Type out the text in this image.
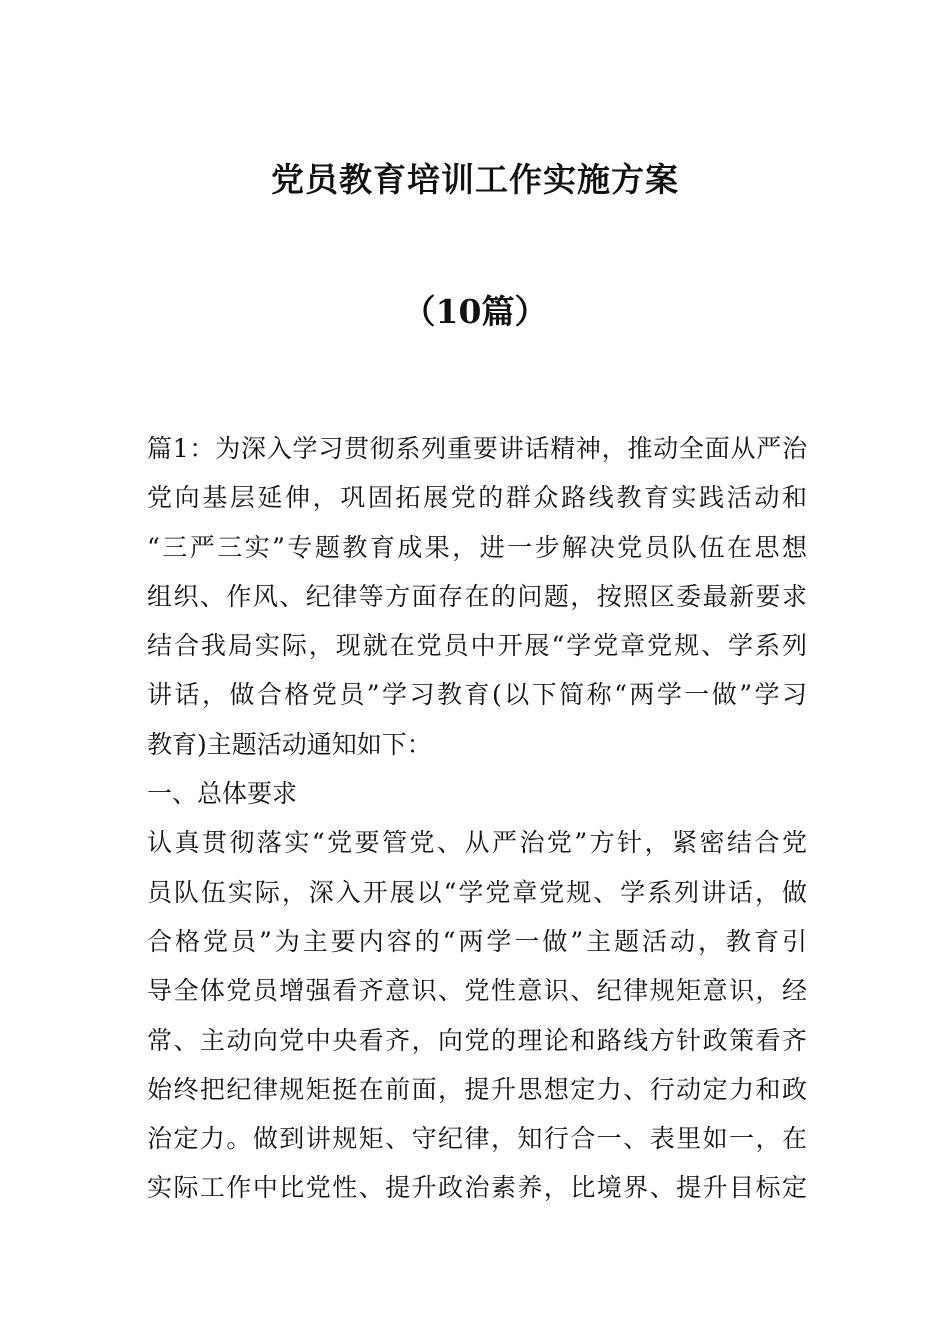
党员教育培训工作实施方案
（10篇）
篇1：为深入学习贯彻系列重要讲话精神，推动全面从严治
党向基层延伸，巩固拓展党的群众路线教育实践活动和
“三严三实”专题教育成果，进一步解决党员队伍在思想
组织、作风、纪律等方面存在的问题，按照区委最新要求
结合我局实际，现就在党员中开展“学党章党规、学系列
讲话，做合格党员”学习教育(以下简称“两学一做”学习
教育)主题活动通知如下：
一、总体要求
认真贯彻落实“党要管党、从严治党”方针，紧密结合党
员队伍实际，深入开展以“学党章党规、学系列讲话，做
合格党员”为主要内容的“两学一做”主题活动，教育引
导全体党员增强看齐意识、党性意识、纪律规矩意识，经
常、主动向党中央看齐，向党的理论和路线方针政策看齐
始终把纪律规矩挺在前面，提升思想定力、行动定力和政
治定力。做到讲规矩、守纪律，知行合一、表里如一，在
实际工作中比党性、提升政治素养，比境界、提升目标定
